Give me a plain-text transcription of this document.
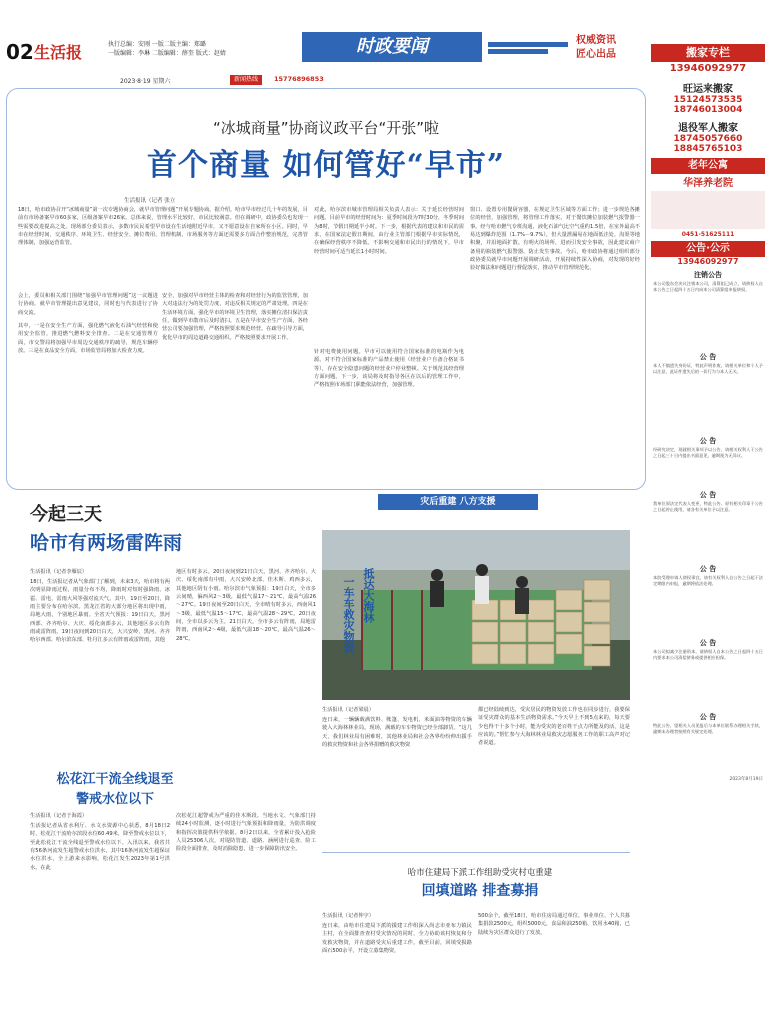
02 生活报	执行总编：安刚 一版二版主编：郑璐
一版编辑：李琳 二版编辑：薛奎 版式：赵婧	时政要闻	权威资讯
匠心出品
2023·8·19 星期六	新闻热线	15776896853
“冰城商量”协商议政平台“开张”啦
首个商量 如何管好“早市”
生活报讯（记者 张立
18日，哈市政协召开“冰城商量”第一次专题协商会，就早市管理问题”开展专题协商。据介绍，哈市早市经过几十年的发展，目前有市场备案早市60多家，区级备案早市26家。总体来说，管理水平比较好，市民比较满意。但在调研中，政协委员也发现一些需要改进提高之处。现场部分委员表示，多数市民民希望早市设在生活地附近早市，又不愿意设在自家所在小区。同时，早市在经营时间、交通秩序、环境卫生、经营安全、摊位费用、管理机制、市场服务等方面还需要多方面合作整治规范，完善管理体制，加强运营监管。
会上，委员和相关部门围绕“加强早市管理问题”这一议题进行协商，就早市管理提出意见建议，同时也与代表进行了协商交流。
其中，一是在安全生产方面，强化燃气液化石油气经营和使用安全监管，推进燃气燃料安全排查。二是在交通管理方面，市交警局将加强早市周边交通秩序的疏导，规范车辆停放。三是在食品安全方面，市场监管局将加大检查力度。
安全，加强对早市经营主体的检查和对经营行为的监管管理，加大对违法行为的处罚力度，对违反相关规定的严肃处理。四是在生活环境方面，强化早市的环境卫生管理，落实摊位清扫保洁责任，做到早市散市后及时清扫。五是在早市安全生产方面，各经营公司要加强管理，严格按照要求规范经营。在疏导引导方面，优化早市的周边道路交通组织。严格按照要求开展工作。
对此，哈尔滨市城市管理局相关负责人表示：关于延长经营时间问题。目前早市的经营时间为：夏季时间段为7时30分，冬季时间为8时，节假日期延半小时。下一步，根据代表的建议和市民的需求，在国家法定假日期间，由行业主管部门根据早市实际情况，在确保经营秩序不降低、不影响交通和市民出行的情况下，早市经营时间可适当延长1小时时间。
针对电费使用问题。早市可以使用符合国家标准的电瓶作为电源。对不符合国家标准的产品禁止使用（经营业户自备合格证书等），存在安全隐患问题的经营业户停业整顿。关于规范其经营理方面问题。下一步，该局将及时指导各区在以后的管理工作中，严格按照市场部门职能依法经营，加强管理。
窗口、设置专用餐厨容器，在规定卫生区域等方面工作；进一步规范各摊位的经营，加强管理，将管理工作落实。对于餐饮摊位加装燃气报警器一事。经与哈市燃气专班沟通，液化石油气比空气重约1.5倍，在室外最高不易达到爆炸范围（1.7%－9.7%），但大量泄漏易在地面低洼处、沟渠等地积聚，并沿地面扩散。有明火的场所，进而引发安全事故，因此建议商户备用的瓶装燃气报警器，防止发生事故。今后，哈市政协将通过组织部分政协委员就早市问题开展调研活动，开展持续性深入协商，对发现的好经验好做法和问题进行督促落实，推动早市管理规范化。
今起三天
哈市有两场雷阵雨
生活报讯（记者李雁辰）
18日，生活报记者从气象部门了解到，未来3天，哈市将有两次明显降雨过程，雨量分布不均，降雨时对短时强降雨、冰雹、雷电、雷雨大风等强对流天气。其中，19日至20日，降雨主要分布在哈尔滨。黑龙江省的大部分地区将出现中雨，局地大雨，个别地区暴雨。全省天气预报：19日白天，黑河西部、齐齐哈尔、大庆、绥化南部多云，其他地区多云有阵雨或雷阵雨。19日夜间到20日白天，大兴安岭、黑河、齐齐哈尔西部、哈尔滨东部、牡丹江多云有阵雨或雷阵雨，其他
地区有时多云。20日夜间到21日白天，黑河、齐齐哈尔、大庆、绥化南部有中雨，大兴安岭北部、佳木斯、鸡西多云，其他地区阴有小雨。哈尔滨市气象预报：19日白天，全市多云间晴，偏西风2～3级，最低气温17～21℃，最高气温26～27℃。19日夜间至20日白天，全市晴有时多云，西南风1～3级，最低气温15～17℃，最高气温28～29℃。20日夜间，全市以多云为主，21日白天，全市多云有阵雨，局地雷阵雨，西南风2～4级，最低气温18～20℃，最高气温26～28℃。
松花江干流全线退至
警戒水位以下
生活报讯（记者于海霞）
生活报记者从省水利厅、水文水资源中心获悉，8月18日2时，松花江干流哈尔滨段水位60.49米，降至警戒水位以下，至此松花江干流全线退至警戒水位以下。入汛以来，我省共有56条河流发生超警戒水位洪水，其中16条河流发生超保证水位洪水，全上游来水影响，松花江发生2023年第1号洪水。在此
次松花江超警戒为严重的佳木斯段。当地水文、气象部门持续24小时监测，逐小时进行气象预报和降雨量，为防洪调度和指挥决策提供科学依据。8月2日以来，全省累计投入抢险人员25306人次，对堤防管道、道路、涵闸进行巡查、险工险段全面排查，及时消除隐患，进一步保障防汛安全。
灾后重建 八方支援
抵达大海林
一车车救灾物资
生活报讯（记者梁晨）
连日来，一辆辆载满饮料、帐篷、发电机、米面油等物资的车辆驶入大海林林业局。现场，满载的车车物资已经全部卸货。“这几天，我们林业局有困难时，其他林业局和社会各界纷纷伸出援手的救灾物资和社会各界捐赠的救灾物资
都已经陆续到达，受灾居民的物资发放工作也在同步进行，我要保证受灾群众的基本生活物资需求。”今天早上不到5点来的，每天要少也得干十多个小时，能为受灾的老百姓干点力所能及的活，这是应该的。”帮忙参与大海林林业局救灾志愿服务工作的职工高声对记者说道。
哈市住建局下派工作组助受灾村屯重建
回填道路 排查募捐
生活报讯（记者仲宇）
连日来，由哈市住建局下派的援建工作组深入尚志市亚布力镇民主村，在全面排查查村受灾情况的同时，全力协助该村恢复和分发救灾物资，并在道路受灾后重建工作。截至目前，回填受损路面石500余平，开设立募集物资，
500余个。截至18日，哈市住房局通过单位、事业单位、个人共募集捐款2500元，组织5000元，食品和油250箱、饮用水40箱，已陆续为灾区群众进行了发放。
搬家专栏
13946092977
旺运来搬家
15124573535
18746013004
退役军人搬家
18745057660
18845765103
老年公寓
华泽养老院
0451-51625111
公告·公示
13946092977
注销公告
本公司股东会决议注销本公司，清算组已成立，请债权人自本公告之日起四十五日内向本公司清算组申报债权。
公 告
本人不慎遗失身份证，特此声明作废。请相关单位和个人予以注意，此证件遗失后的一切行为与本人无关。
公 告
经研究决定，现就相关事项予以公告，请相关权利人于公告之日起三十日内提出书面意见，逾期视为无异议。
公 告
我单位原法定代表人变更，特此公告。原有相关印章于公告之日起停止使用，请各有关单位予以注意。
公 告
本院受理申请人债权事宜，请有关权利人自公告之日起于法定期限内申报，逾期将依法处理。
公 告
本公司拟减少注册资本，请债权人自本公告之日起四十五日内要求本公司清偿债务或提供相应担保。
公 告
特此公告，望相关人员见报后与本单位联系办理相关手续，逾期未办理者按照有关规定处理。
2023年8月19日
